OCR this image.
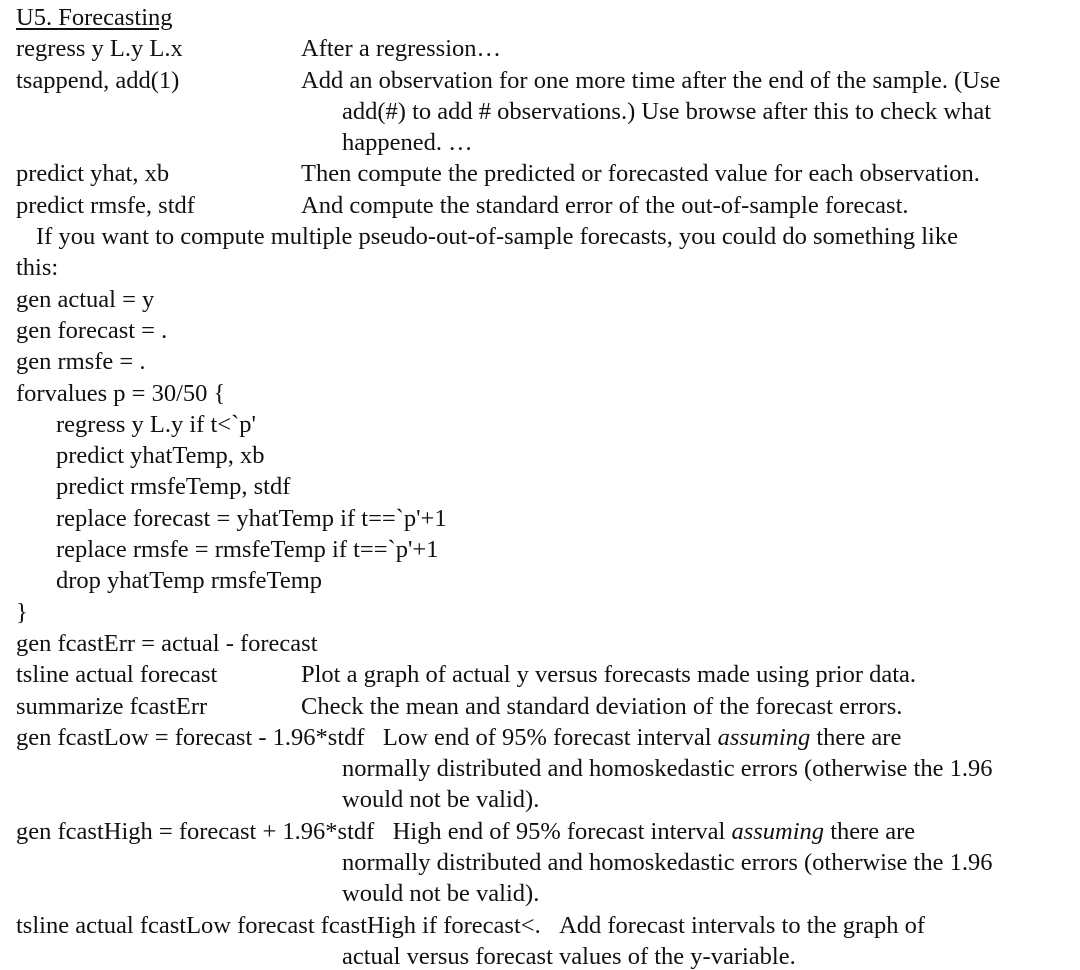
U5. Forecasting
regress y L.y L.x	After a regression…
tsappend, add(1)	Add an observation for one more time after the end of the sample. (Use
add(#) to add # observations.) Use browse after this to check what
happened. …
predict yhat, xb	Then compute the predicted or forecasted value for each observation.
predict rmsfe, stdf	And compute the standard error of the out-of-sample forecast.
If you want to compute multiple pseudo-out-of-sample forecasts, you could do something like
this:
gen actual = y
gen forecast = .
gen rmsfe = .
forvalues p = 30/50 {
regress y L.y if t<`p'
predict yhatTemp, xb
predict rmsfeTemp, stdf
replace forecast = yhatTemp if t==`p'+1
replace rmsfe = rmsfeTemp if t==`p'+1
drop yhatTemp rmsfeTemp
}
gen fcastErr = actual - forecast
tsline actual forecast	Plot a graph of actual y versus forecasts made using prior data.
summarize fcastErr	Check the mean and standard deviation of the forecast errors.
gen fcastLow = forecast - 1.96*stdf Low end of 95% forecast interval assuming there are
normally distributed and homoskedastic errors (otherwise the 1.96
would not be valid).
gen fcastHigh = forecast + 1.96*stdf High end of 95% forecast interval assuming there are
normally distributed and homoskedastic errors (otherwise the 1.96
would not be valid).
tsline actual fcastLow forecast fcastHigh if forecast<. Add forecast intervals to the graph of
actual versus forecast values of the y-variable.
